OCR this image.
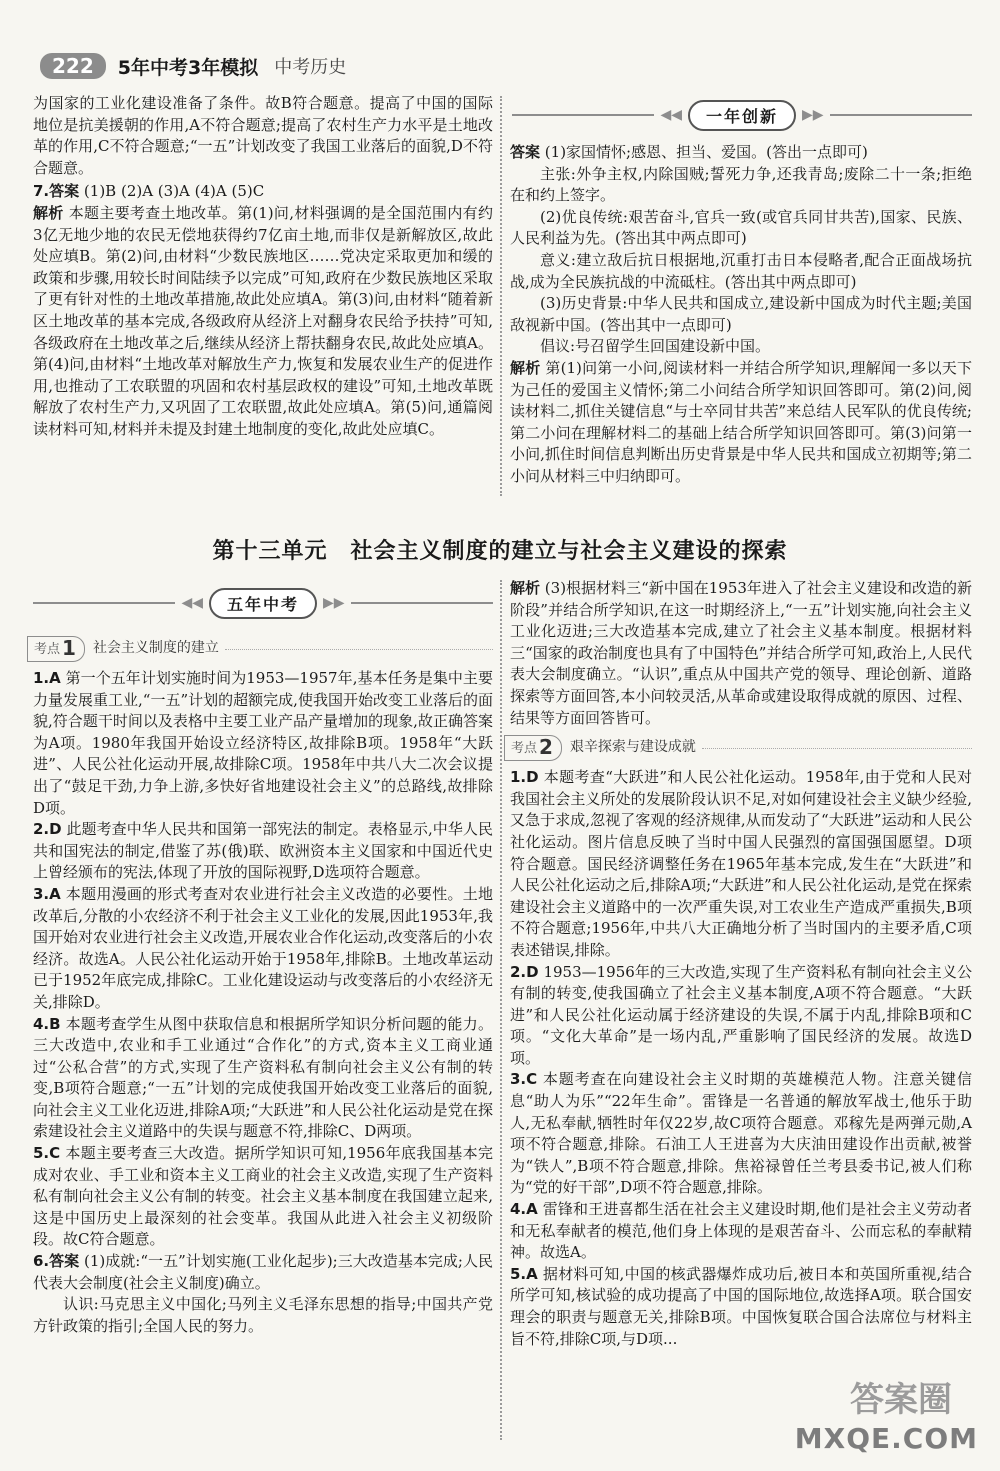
222	5年中考3年模拟 中考历史

为国家的工业化建设准备了条件。故B符合题意。提高了中国的国际地位是抗美援朝的作用,A不符合题意;提高了农村生产力水平是土地改革的作用,C不符合题意;“一五”计划改变了我国工业落后的面貌,D不符合题意。

7.答案 (1)B (2)A (3)A (4)A (5)C

解析 本题主要考查土地改革。第(1)问,材料强调的是全国范围内有约3亿无地少地的农民无偿地获得约7亿亩土地,而非仅是新解放区,故此处应填B。第(2)问,由材料“少数民族地区……党决定采取更加和缓的政策和步骤,用较长时间陆续予以完成”可知,政府在少数民族地区采取了更有针对性的土地改革措施,故此处应填A。第(3)问,由材料“随着新区土地改革的基本完成,各级政府从经济上对翻身农民给予扶持”可知,各级政府在土地改革之后,继续从经济上帮扶翻身农民,故此处应填A。第(4)问,由材料“土地改革对解放生产力,恢复和发展农业生产的促进作用,也推动了工农联盟的巩固和农村基层政权的建设”可知,土地改革既解放了农村生产力,又巩固了工农联盟,故此处应填A。第(5)问,通篇阅读材料可知,材料并未提及封建土地制度的变化,故此处应填C。

◀◀	一年创新	▶▶

答案 (1)家国情怀;感恩、担当、爱国。(答出一点即可)

主张:外争主权,内除国贼;誓死力争,还我青岛;废除二十一条;拒绝在和约上签字。

(2)优良传统:艰苦奋斗,官兵一致(或官兵同甘共苦),国家、民族、人民利益为先。(答出其中两点即可)

意义:建立敌后抗日根据地,沉重打击日本侵略者,配合正面战场抗战,成为全民族抗战的中流砥柱。(答出其中两点即可)

(3)历史背景:中华人民共和国成立,建设新中国成为时代主题;美国敌视新中国。(答出其中一点即可)

倡议:号召留学生回国建设新中国。

解析 第(1)问第一小问,阅读材料一并结合所学知识,理解闻一多以天下为己任的爱国主义情怀;第二小问结合所学知识回答即可。第(2)问,阅读材料二,抓住关键信息“与士卒同甘共苦”来总结人民军队的优良传统;第二小问在理解材料二的基础上结合所学知识回答即可。第(3)问第一小问,抓住时间信息判断出历史背景是中华人民共和国成立初期等;第二小问从材料三中归纳即可。

第十三单元　社会主义制度的建立与社会主义建设的探索
◀◀	五年中考	▶▶
考点 1	社会主义制度的建立

1.A 第一个五年计划实施时间为1953—1957年,基本任务是集中主要力量发展重工业,“一五”计划的超额完成,使我国开始改变工业落后的面貌,符合题干时间以及表格中主要工业产品产量增加的现象,故正确答案为A项。1980年我国开始设立经济特区,故排除B项。1958年“大跃进”、人民公社化运动开展,故排除C项。1958年中共八大二次会议提出了“鼓足干劲,力争上游,多快好省地建设社会主义”的总路线,故排除D项。

2.D 此题考查中华人民共和国第一部宪法的制定。表格显示,中华人民共和国宪法的制定,借鉴了苏(俄)联、欧洲资本主义国家和中国近代史上曾经颁布的宪法,体现了开放的国际视野,D选项符合题意。

3.A 本题用漫画的形式考查对农业进行社会主义改造的必要性。土地改革后,分散的小农经济不利于社会主义工业化的发展,因此1953年,我国开始对农业进行社会主义改造,开展农业合作化运动,改变落后的小农经济。故选A。人民公社化运动开始于1958年,排除B。土地改革运动已于1952年底完成,排除C。工业化建设运动与改变落后的小农经济无关,排除D。

4.B 本题考查学生从图中获取信息和根据所学知识分析问题的能力。三大改造中,农业和手工业通过“合作化”的方式,资本主义工商业通过“公私合营”的方式,实现了生产资料私有制向社会主义公有制的转变,B项符合题意;“一五”计划的完成使我国开始改变工业落后的面貌,向社会主义工业化迈进,排除A项;“大跃进”和人民公社化运动是党在探索建设社会主义道路中的失误与题意不符,排除C、D两项。

5.C 本题主要考查三大改造。据所学知识可知,1956年底我国基本完成对农业、手工业和资本主义工商业的社会主义改造,实现了生产资料私有制向社会主义公有制的转变。社会主义基本制度在我国建立起来,这是中国历史上最深刻的社会变革。我国从此进入社会主义初级阶段。故C符合题意。

6.答案 (1)成就:“一五”计划实施(工业化起步);三大改造基本完成;人民代表大会制度(社会主义制度)确立。

认识:马克思主义中国化;马列主义毛泽东思想的指导;中国共产党方针政策的指引;全国人民的努力。

解析 (3)根据材料三“新中国在1953年进入了社会主义建设和改造的新阶段”并结合所学知识,在这一时期经济上,“一五”计划实施,向社会主义工业化迈进;三大改造基本完成,建立了社会主义基本制度。根据材料三“国家的政治制度也具有了中国特色”并结合所学可知,政治上,人民代表大会制度确立。“认识”,重点从中国共产党的领导、理论创新、道路探索等方面回答,本小问较灵活,从革命或建设取得成就的原因、过程、结果等方面回答皆可。

考点 2	艰辛探索与建设成就

1.D 本题考查“大跃进”和人民公社化运动。1958年,由于党和人民对我国社会主义所处的发展阶段认识不足,对如何建设社会主义缺少经验,又急于求成,忽视了客观的经济规律,从而发动了“大跃进”运动和人民公社化运动。图片信息反映了当时中国人民强烈的富国强国愿望。D项符合题意。国民经济调整任务在1965年基本完成,发生在“大跃进”和人民公社化运动之后,排除A项;“大跃进”和人民公社化运动,是党在探索建设社会主义道路中的一次严重失误,对工农业生产造成严重损失,B项不符合题意;1956年,中共八大正确地分析了当时国内的主要矛盾,C项表述错误,排除。

2.D 1953—1956年的三大改造,实现了生产资料私有制向社会主义公有制的转变,使我国确立了社会主义基本制度,A项不符合题意。“大跃进”和人民公社化运动属于经济建设的失误,不属于内乱,排除B项和C项。“文化大革命”是一场内乱,严重影响了国民经济的发展。故选D项。

3.C 本题考查在向建设社会主义时期的英雄模范人物。注意关键信息“助人为乐”“22年生命”。雷锋是一名普通的解放军战士,他乐于助人,无私奉献,牺牲时年仅22岁,故C项符合题意。邓稼先是两弹元勋,A项不符合题意,排除。石油工人王进喜为大庆油田建设作出贡献,被誉为“铁人”,B项不符合题意,排除。焦裕禄曾任兰考县委书记,被人们称为“党的好干部”,D项不符合题意,排除。

4.A 雷锋和王进喜都生活在社会主义建设时期,他们是社会主义劳动者和无私奉献者的模范,他们身上体现的是艰苦奋斗、公而忘私的奉献精神。故选A。

5.A 据材料可知,中国的核武器爆炸成功后,被日本和英国所重视,结合所学可知,核试验的成功提高了中国的国际地位,故选择A项。联合国安理会的职责与题意无关,排除B项。中国恢复联合国合法席位与材料主旨不符,排除C项,与D项...

答案圈
MXQE.COM
